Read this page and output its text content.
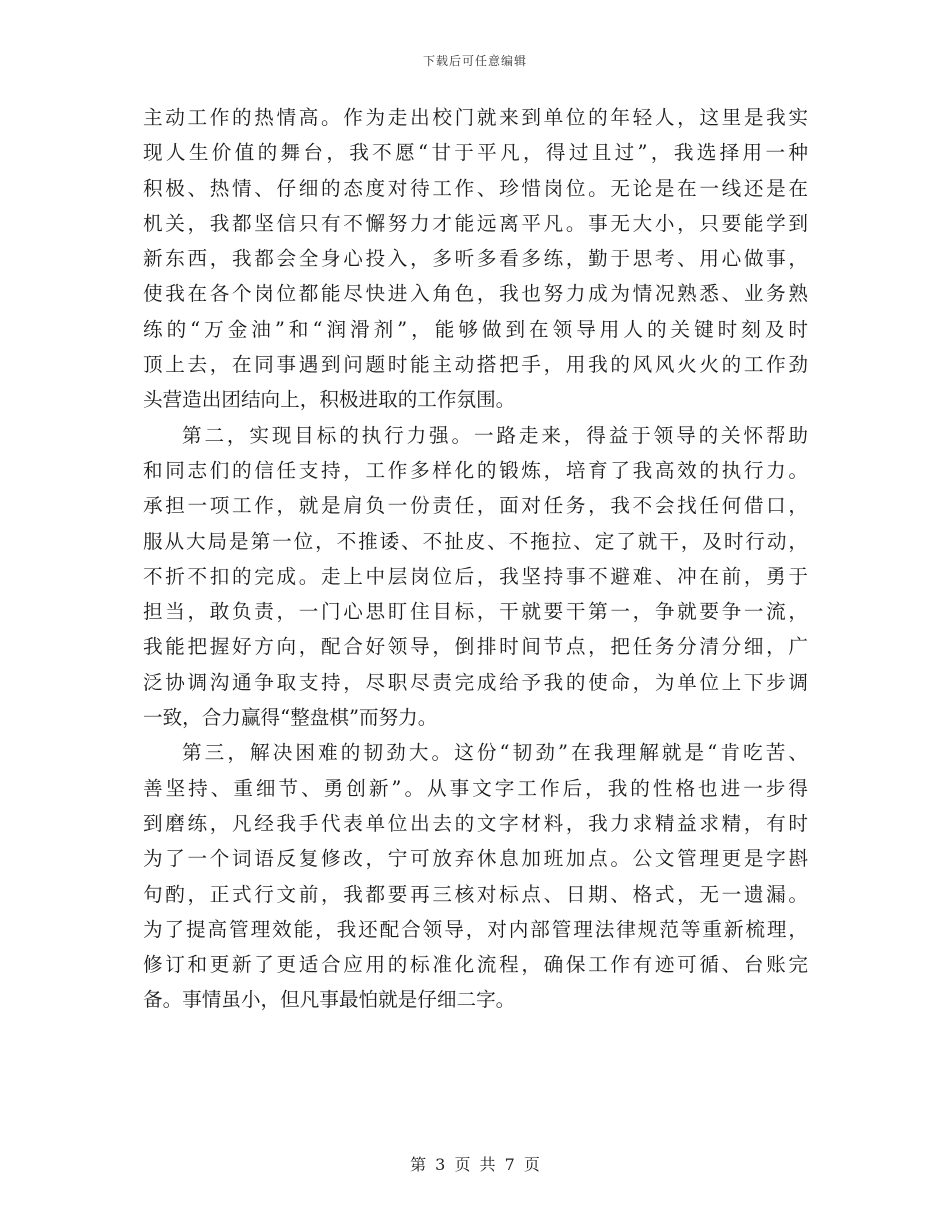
下载后可任意编辑
主动工作的热情高。作为走出校门就来到单位的年轻人，这里是我实
现人生价值的舞台，我不愿“甘于平凡，得过且过”，我选择用一种
积极、热情、仔细的态度对待工作、珍惜岗位。无论是在一线还是在
机关，我都坚信只有不懈努力才能远离平凡。事无大小，只要能学到
新东西，我都会全身心投入，多听多看多练，勤于思考、用心做事，
使我在各个岗位都能尽快进入角色，我也努力成为情况熟悉、业务熟
练的“万金油”和“润滑剂”，能够做到在领导用人的关键时刻及时
顶上去，在同事遇到问题时能主动搭把手，用我的风风火火的工作劲
头营造出团结向上，积极进取的工作氛围。
第二，实现目标的执行力强。一路走来，得益于领导的关怀帮助
和同志们的信任支持，工作多样化的锻炼，培育了我高效的执行力。
承担一项工作，就是肩负一份责任，面对任务，我不会找任何借口，
服从大局是第一位，不推诿、不扯皮、不拖拉、定了就干，及时行动，
不折不扣的完成。走上中层岗位后，我坚持事不避难、冲在前，勇于
担当，敢负责，一门心思盯住目标，干就要干第一，争就要争一流，
我能把握好方向，配合好领导，倒排时间节点，把任务分清分细，广
泛协调沟通争取支持，尽职尽责完成给予我的使命，为单位上下步调
一致，合力赢得“整盘棋”而努力。
第三，解决困难的韧劲大。这份“韧劲”在我理解就是“肯吃苦、
善坚持、重细节、勇创新”。从事文字工作后，我的性格也进一步得
到磨练，凡经我手代表单位出去的文字材料，我力求精益求精，有时
为了一个词语反复修改，宁可放弃休息加班加点。公文管理更是字斟
句酌，正式行文前，我都要再三核对标点、日期、格式，无一遗漏。
为了提高管理效能，我还配合领导，对内部管理法律规范等重新梳理，
修订和更新了更适合应用的标准化流程，确保工作有迹可循、台账完
备。事情虽小，但凡事最怕就是仔细二字。
第 3 页 共 7 页
